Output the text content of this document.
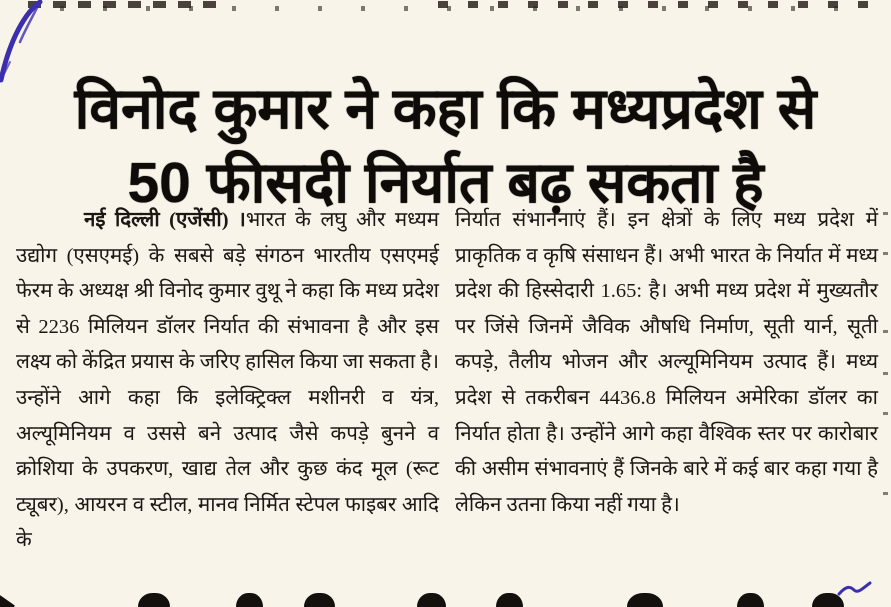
विनोद कुमार ने कहा कि मध्यप्रदेश से
50 फीसदी निर्यात बढ़ सकता है

नई दिल्ली (एजेंसी) ।भारत के लघु और मध्यम उद्योग (एसएमई) के सबसे बड़े संगठन भारतीय एसएमई फेरम के अध्यक्ष श्री विनोद कुमार वुथू ने कहा कि मध्य प्रदेश से 2236 मिलियन डॉलर निर्यात की संभावना है और इस लक्ष्य को केंद्रित प्रयास के जरिए हासिल किया जा सकता है। उन्होंने आगे कहा कि इलेक्ट्रिक्ल मशीनरी व यंत्र, अल्यूमिनियम व उससे बने उत्पाद जैसे कपड़े बुनने व क्रोशिया के उपकरण, खाद्य तेल और कुछ कंद मूल (रूट ट्यूबर), आयरन व स्टील, मानव निर्मित स्टेपल फाइबर आदि के

निर्यात संभाननाएं हैं। इन क्षेत्रों के लिए मध्य प्रदेश में प्राकृतिक व कृषि संसाधन हैं। अभी भारत के निर्यात में मध्य प्रदेश की हिस्सेदारी 1.65: है। अभी मध्य प्रदेश में मुख्यतौर पर जिंसे जिनमें जैविक औषधि निर्माण, सूती यार्न, सूती कपड़े, तैलीय भोजन और अल्यूमिनियम उत्पाद हैं। मध्य प्रदेश से तकरीबन 4436.8 मिलियन अमेरिका डॉलर का निर्यात होता है। उन्होंने आगे कहा वैश्विक स्तर पर कारोबार की असीम संभावनाएं हैं जिनके बारे में कई बार कहा गया है लेकिन उतना किया नहीं गया है।
